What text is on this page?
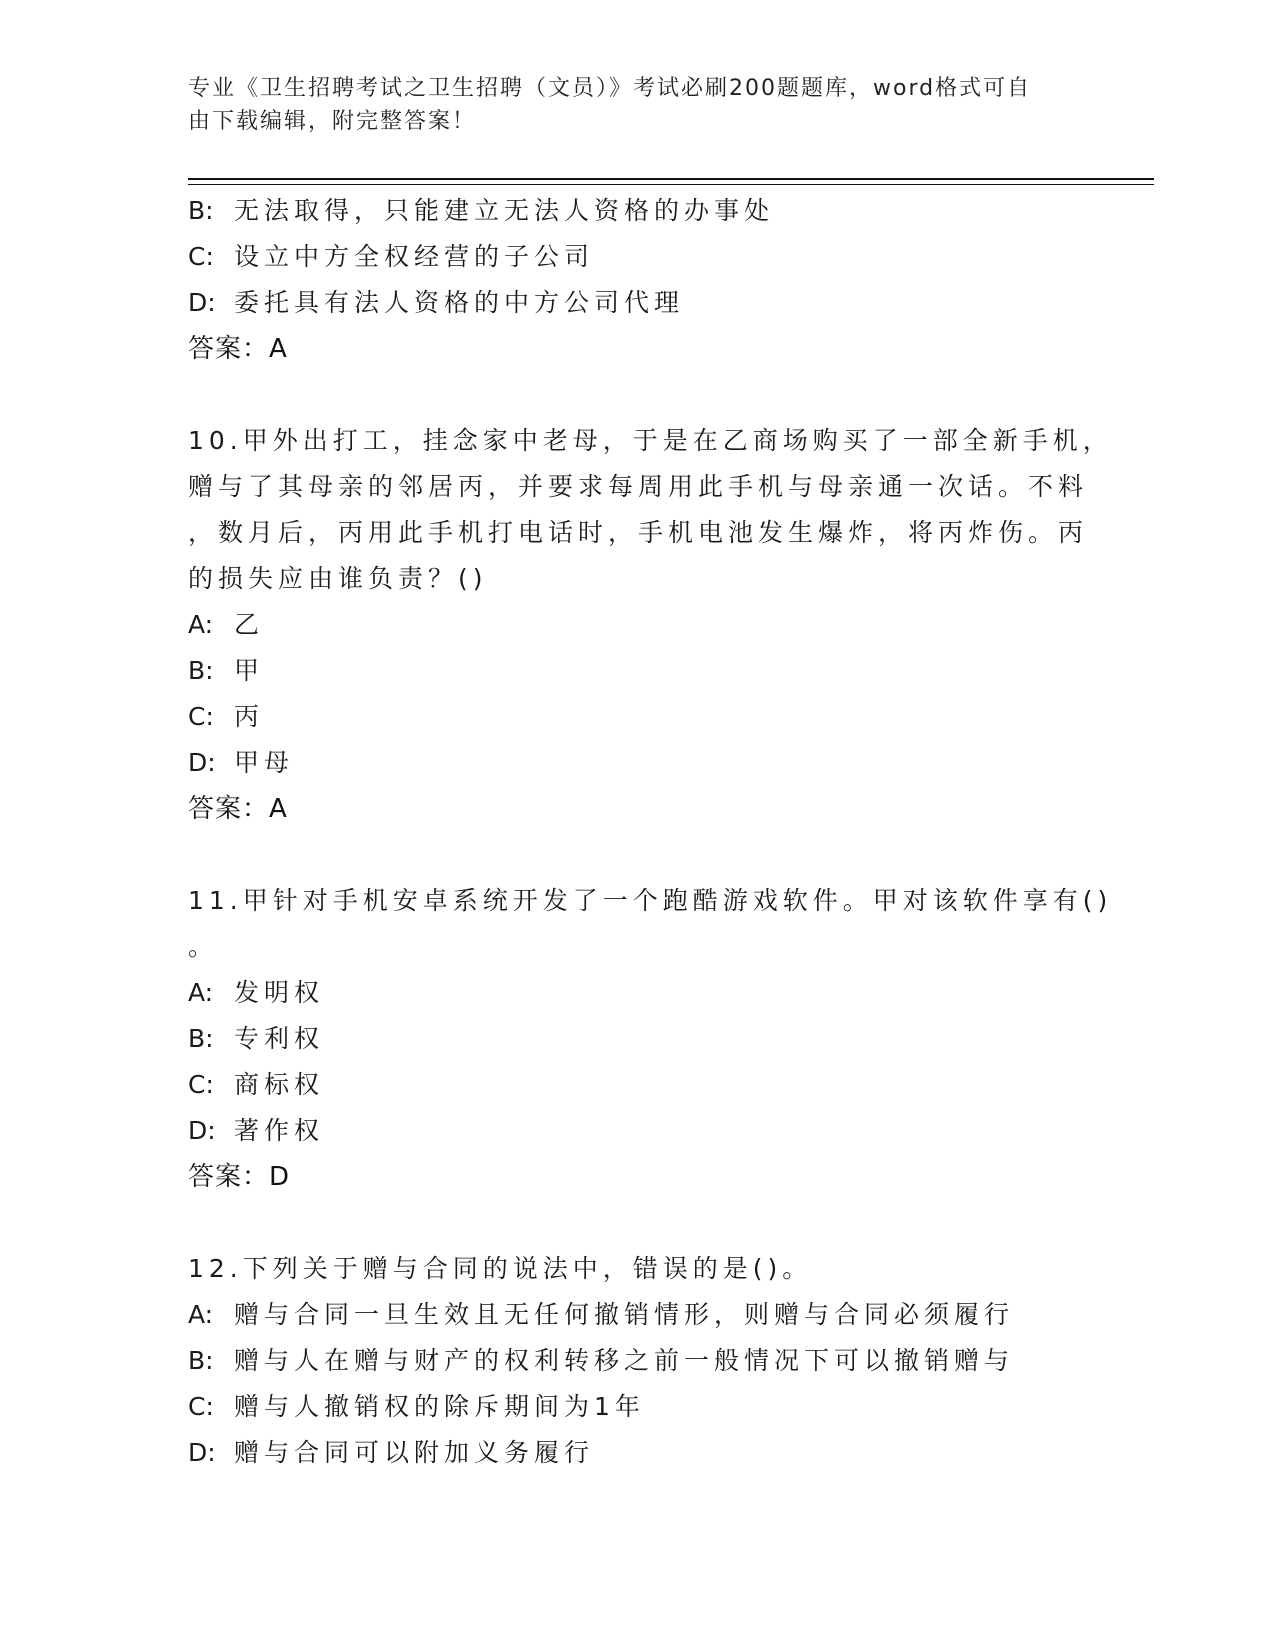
专业《卫生招聘考试之卫生招聘（文员）》考试必刷200题题库，word格式可自
由下载编辑，附完整答案！
B: 无法取得，只能建立无法人资格的办事处
C: 设立中方全权经营的子公司
D: 委托具有法人资格的中方公司代理
答案：A
10.甲外出打工，挂念家中老母，于是在乙商场购买了一部全新手机，
赠与了其母亲的邻居丙，并要求每周用此手机与母亲通一次话。不料
，数月后，丙用此手机打电话时，手机电池发生爆炸，将丙炸伤。丙
的损失应由谁负责？()
A: 乙
B: 甲
C: 丙
D: 甲母
答案：A
11.甲针对手机安卓系统开发了一个跑酷游戏软件。甲对该软件享有()
。
A: 发明权
B: 专利权
C: 商标权
D: 著作权
答案：D
12.下列关于赠与合同的说法中，错误的是()。
A: 赠与合同一旦生效且无任何撤销情形，则赠与合同必须履行
B: 赠与人在赠与财产的权利转移之前一般情况下可以撤销赠与
C: 赠与人撤销权的除斥期间为1年
D: 赠与合同可以附加义务履行
